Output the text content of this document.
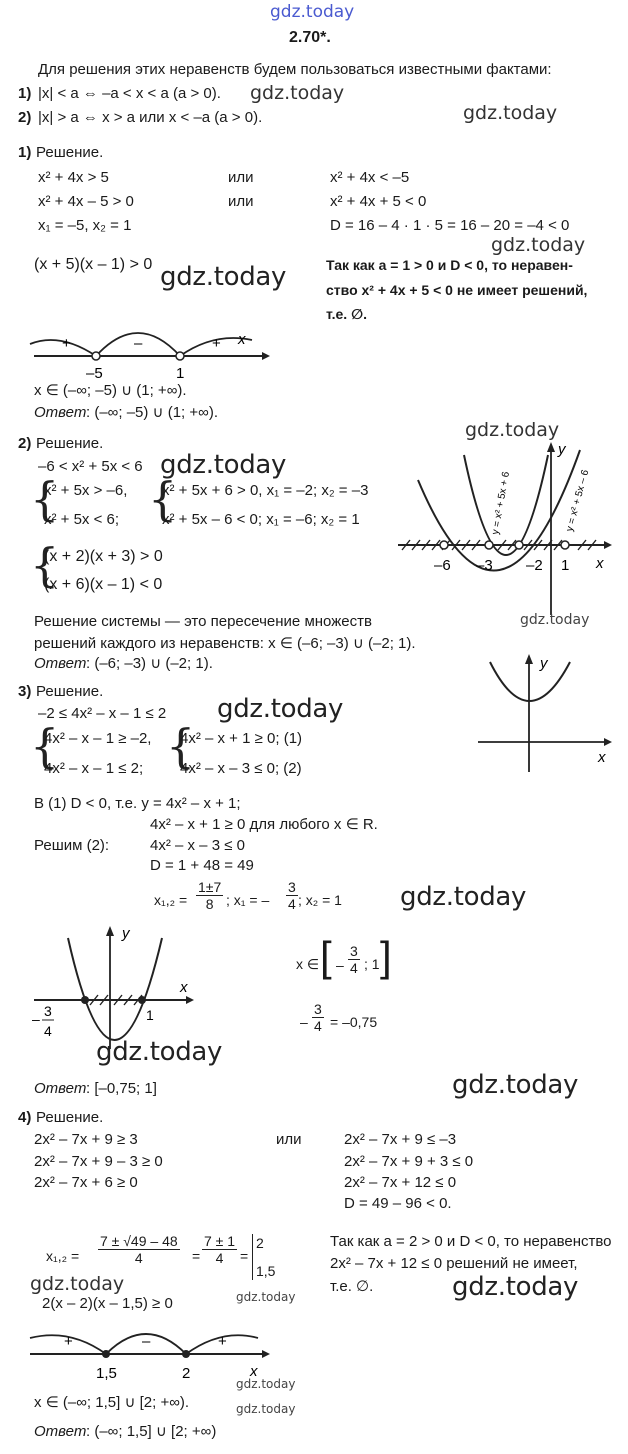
gdz.today
2.70*.
Для решения этих неравенств будем пользоваться известными фактами:
1) |x| < a ⇔ –a < x < a (a > 0). gdz.today
2) |x| > a ⇔ x > a или x < –a (a > 0).	gdz.today
1) Решение.
x² + 4x > 5	или	x² + 4x < –5
x² + 4x – 5 > 0	или	x² + 4x + 5 < 0
x₁ = –5, x₂ = 1	D = 16 – 4 · 1 · 5 = 16 – 20 = –4 < 0
gdz.today
(x + 5)(x – 1) > 0 gdz.today	Так как a = 1 > 0 и D < 0, то неравен-
ство x² + 4x + 5 < 0 не имеет решений,
т.е. ∅.
+	–	+
–5	1
x
x ∈ (–∞; –5) ∪ (1; +∞).
Ответ : (–∞; –5) ∪ (1; +∞).
gdz.today
2) Решение.
–6 < x² + 5x < 6 gdz.today
{
x² + 5x > –6,
x² + 5x < 6; {
x² + 5x + 6 > 0, x₁ = –2; x₂ = –3
x² + 5x – 6 < 0; x₁ = –6; x₂ = 1
{
(x + 2)(x + 3) > 0
(x + 6)(x – 1) < 0
y
x
–6 –3 –2 1
y = x² + 5x + 6	y = x² + 5x – 6
Решение системы — это пересечение множеств	gdz.today
решений каждого из неравенств: x ∈ (–6; –3) ∪ (–2; 1).
Ответ : (–6; –3) ∪ (–2; 1).	y
x
3) Решение.
–2 ≤ 4x² – x – 1 ≤ 2 gdz.today
{
4x² – x – 1 ≥ –2,
4x² – x – 1 ≤ 2; {
4x² – x + 1 ≥ 0; (1)
4x² – x – 3 ≤ 0; (2)
В (1) D < 0, т.е. y = 4x² – x + 1;
4x² – x + 1 ≥ 0 для любого x ∈ R.
Решим (2):	4x² – x – 3 ≤ 0
D = 1 + 48 = 49
$x_1,_2 = \frac{1\pm 7}{8}$ ; x₁ = – $\frac{3}{4}$ ; x₂ = 1 gdz.today
x ∈ [ – $\frac{3}{4}$ ; 1 ]
– $\frac{3}{4} = -0,75$
y
x
– 3
4
1
gdz.today
Ответ : [–0,75; 1]	gdz.today
4) Решение.
2x² – 7x + 9 ≥ 3	или	2x² – 7x + 9 ≤ –3
2x² – 7x + 9 – 3 ≥ 0	2x² – 7x + 9 + 3 ≤ 0
2x² – 7x + 6 ≥ 0	2x² – 7x + 12 ≤ 0
D = 49 – 96 < 0.
$x_1,_2 = \frac{7 \pm √49 - 48}{4} = \frac{7 \pm 1}{4}$ =
2
1,5
gdz.today
gdz.today
2(x – 2)(x – 1,5) ≥ 0
Так как a = 2 > 0 и D < 0, то неравенство
2x² – 7x + 12 ≤ 0 решений не имеет,
т.е. ∅.	gdz.today
+	–	+
1,5	2	x
gdz.today
x ∈ (–∞; 1,5] ∪ [2; +∞).	gdz.today
Ответ : (–∞; 1,5] ∪ [2; +∞)
